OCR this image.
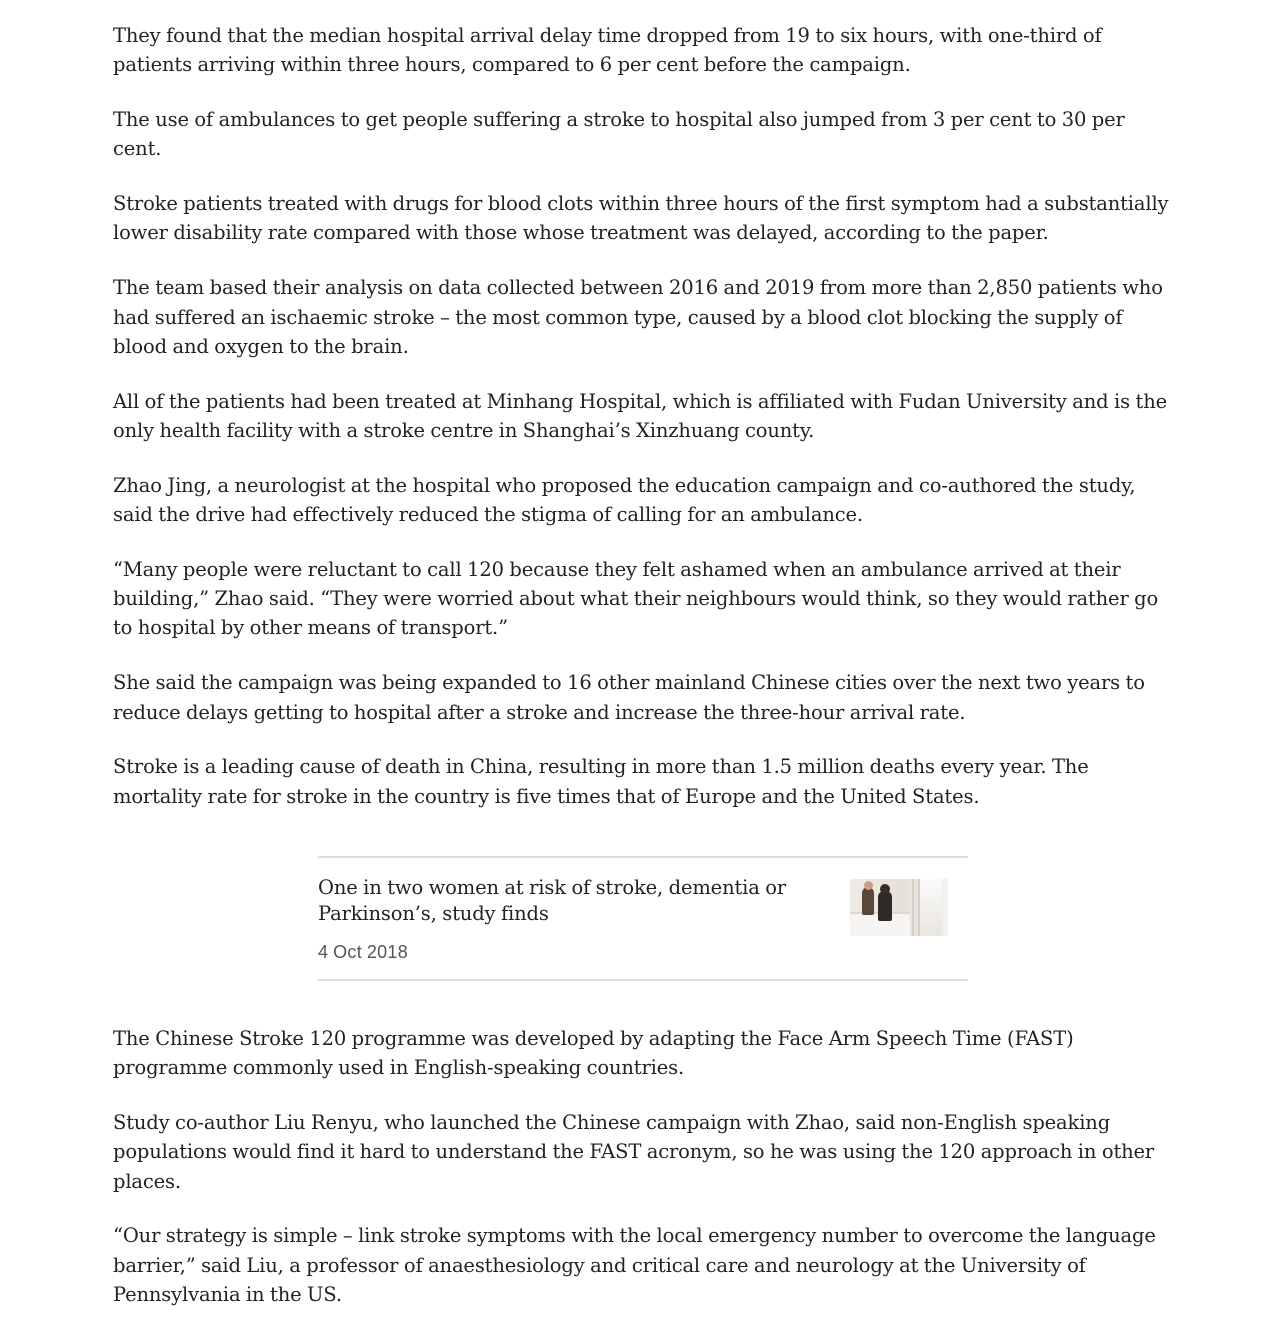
They found that the median hospital arrival delay time dropped from 19 to six hours, with one-third of patients arriving within three hours, compared to 6 per cent before the campaign.

The use of ambulances to get people suffering a stroke to hospital also jumped from 3 per cent to 30 per cent.

Stroke patients treated with drugs for blood clots within three hours of the first symptom had a substantially lower disability rate compared with those whose treatment was delayed, according to the paper.

The team based their analysis on data collected between 2016 and 2019 from more than 2,850 patients who had suffered an ischaemic stroke – the most common type, caused by a blood clot blocking the supply of blood and oxygen to the brain.

All of the patients had been treated at Minhang Hospital, which is affiliated with Fudan University and is the only health facility with a stroke centre in Shanghai’s Xinzhuang county.

Zhao Jing, a neurologist at the hospital who proposed the education campaign and co-authored the study, said the drive had effectively reduced the stigma of calling for an ambulance.

“Many people were reluctant to call 120 because they felt ashamed when an ambulance arrived at their building,” Zhao said. “They were worried about what their neighbours would think, so they would rather go to hospital by other means of transport.”

She said the campaign was being expanded to 16 other mainland Chinese cities over the next two years to reduce delays getting to hospital after a stroke and increase the three-hour arrival rate.

Stroke is a leading cause of death in China, resulting in more than 1.5 million deaths every year. The mortality rate for stroke in the country is five times that of Europe and the United States.

One in two women at risk of stroke, dementia or Parkinson’s, study finds
4 Oct 2018

The Chinese Stroke 120 programme was developed by adapting the Face Arm Speech Time (FAST) programme commonly used in English-speaking countries.

Study co-author Liu Renyu, who launched the Chinese campaign with Zhao, said non-English speaking populations would find it hard to understand the FAST acronym, so he was using the 120 approach in other places.

“Our strategy is simple – link stroke symptoms with the local emergency number to overcome the language barrier,” said Liu, a professor of anaesthesiology and critical care and neurology at the University of Pennsylvania in the US.
